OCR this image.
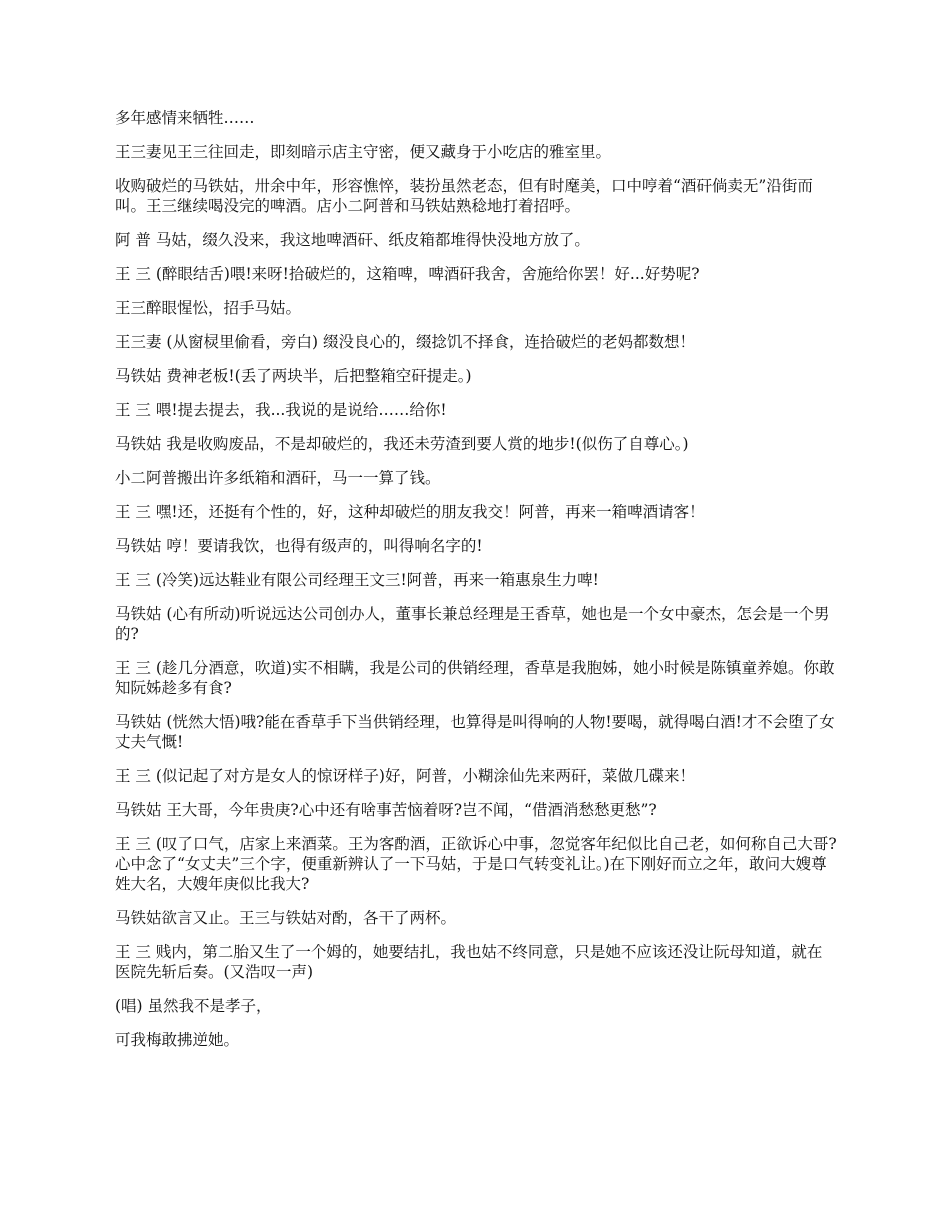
多年感情来牺牲……

王三妻见王三往回走，即刻暗示店主守密，便又藏身于小吃店的雅室里。

收购破烂的马铁姑，卅余中年，形容憔悴，装扮虽然老态，但有时麾美，口中哼着“酒矸倘卖无”沿街而叫。王三继续喝没完的啤酒。店小二阿普和马铁姑熟稔地打着招呼。

阿 普 马姑，缀久没来，我这地啤酒矸、纸皮箱都堆得快没地方放了。

王 三 (醉眼结舌)喂!来呀!拾破烂的，这箱啤，啤酒矸我舍，舍施给你罢！好...好势呢?

王三醉眼惺忪，招手马姑。

王三妻 (从窗棂里偷看，旁白) 缀没良心的，缀捻饥不择食，连拾破烂的老妈都数想！

马铁姑 费神老板!(丢了两块半，后把整箱空矸提走。)

王 三 喂!提去提去，我...我说的是说给……给你!

马铁姑 我是收购废品，不是却破烂的，我还未劳渣到要人赏的地步!(似伤了自尊心。)

小二阿普搬出许多纸箱和酒矸，马一一算了钱。

王 三 嘿!还，还挺有个性的，好，这种却破烂的朋友我交！阿普，再来一箱啤酒请客！

马铁姑 哼！要请我饮，也得有级声的，叫得响名字的!

王 三 (冷笑)远达鞋业有限公司经理王文三!阿普，再来一箱惠泉生力啤!

马铁姑 (心有所动)听说远达公司创办人，董事长兼总经理是王香草，她也是一个女中豪杰，怎会是一个男的?

王 三 (趁几分酒意，吹道)实不相瞒，我是公司的供销经理，香草是我胞姊，她小时候是陈镇童养媳。你敢知阮姊趁多有食?

马铁姑 (恍然大悟)哦?能在香草手下当供销经理，也算得是叫得响的人物!要喝，就得喝白酒!才不会堕了女丈夫气慨!

王 三 (似记起了对方是女人的惊讶样子)好，阿普，小糊涂仙先来两矸，菜做几碟来！

马铁姑 王大哥，今年贵庚?心中还有啥事苦恼着呀?岂不闻，“借酒消愁愁更愁”?

王 三 (叹了口气，店家上来酒菜。王为客酌酒，正欲诉心中事，忽觉客年纪似比自己老，如何称自己大哥?心中念了“女丈夫”三个字，便重新辨认了一下马姑，于是口气转变礼让。)在下刚好而立之年，敢问大嫂尊姓大名，大嫂年庚似比我大?

马铁姑欲言又止。王三与铁姑对酌，各干了两杯。

王 三 贱内，第二胎又生了一个姆的，她要结扎，我也姑不终同意，只是她不应该还没让阮母知道，就在医院先斩后奏。(又浩叹一声)

(唱) 虽然我不是孝子，

可我梅敢拂逆她。
